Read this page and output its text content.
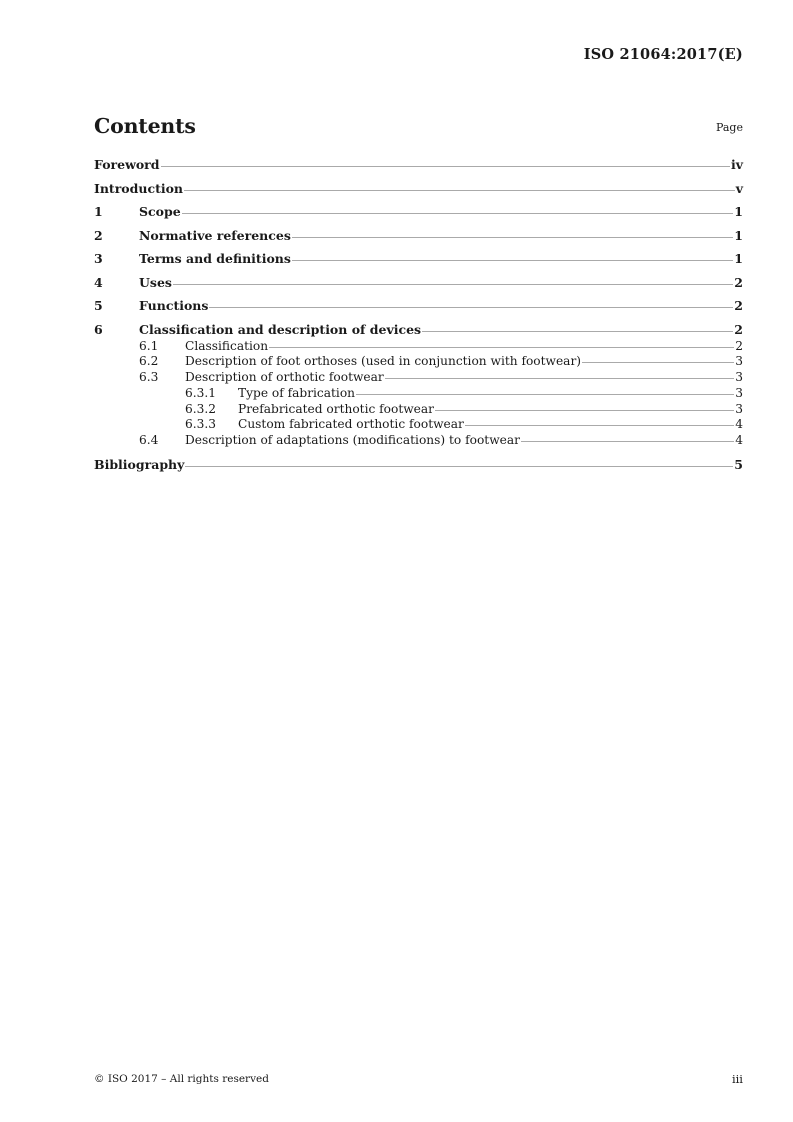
ISO 21064:2017(E)
Contents	Page
Foreword	iv
Introduction	v
1	Scope	1
2	Normative references	1
3	Terms and definitions	1
4	Uses	2
5	Functions	2
6	Classification and description of devices	2
6.1	Classification	2
6.2	Description of foot orthoses (used in conjunction with footwear)	3
6.3	Description of orthotic footwear	3
6.3.1	Type of fabrication	3
6.3.2	Prefabricated orthotic footwear	3
6.3.3	Custom fabricated orthotic footwear	4
6.4	Description of adaptations (modifications) to footwear	4
Bibliography	5
© ISO 2017 – All rights reserved	iii
